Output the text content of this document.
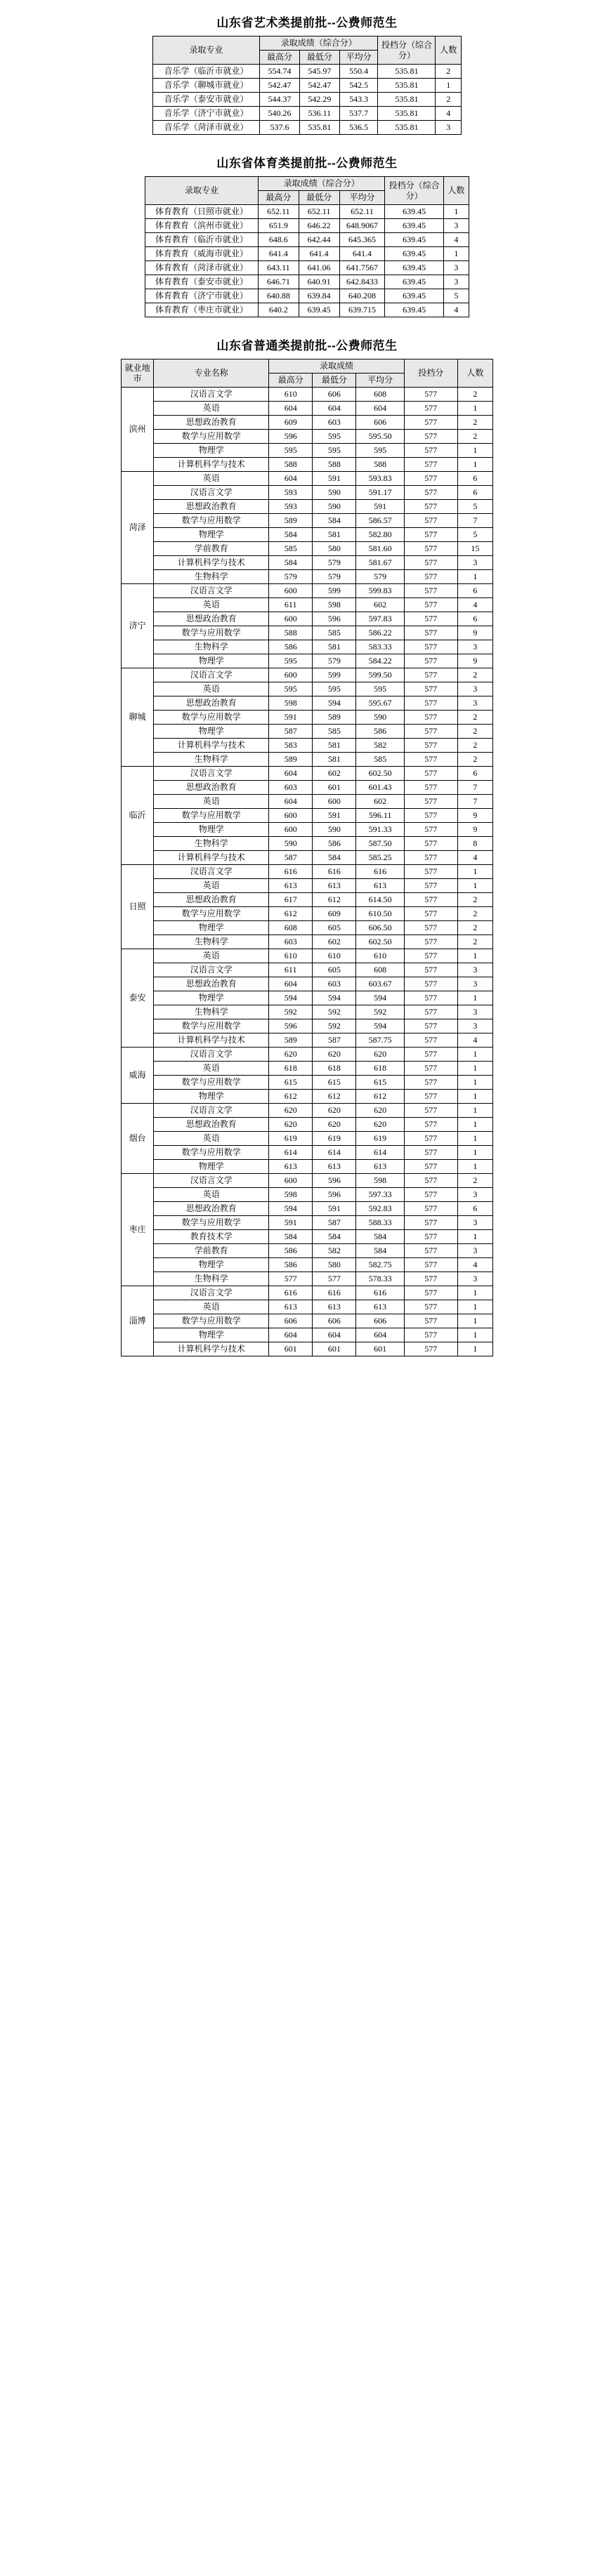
山东省艺术类提前批--公费师范生
录取专业	录取成绩（综合分）			投档分（综合分）	人数
	最高分	最低分	平均分		
音乐学（临沂市就业）	554.74	545.97	550.4	535.81	2
音乐学（聊城市就业）	542.47	542.47	542.5	535.81	1
音乐学（泰安市就业）	544.37	542.29	543.3	535.81	2
音乐学（济宁市就业）	540.26	536.11	537.7	535.81	4
音乐学（菏泽市就业）	537.6	535.81	536.5	535.81	3
山东省体育类提前批--公费师范生
录取专业	录取成绩（综合分）			投档分（综合分）	人数
	最高分	最低分	平均分		
体育教育（日照市就业）	652.11	652.11	652.11	639.45	1
体育教育（滨州市就业）	651.9	646.22	648.9067	639.45	3
体育教育（临沂市就业）	648.6	642.44	645.365	639.45	4
体育教育（威海市就业）	641.4	641.4	641.4	639.45	1
体育教育（菏泽市就业）	643.11	641.06	641.7567	639.45	3
体育教育（泰安市就业）	646.71	640.91	642.8433	639.45	3
体育教育（济宁市就业）	640.88	639.84	640.208	639.45	5
体育教育（枣庄市就业）	640.2	639.45	639.715	639.45	4
山东省普通类提前批--公费师范生
就业地市	专业名称	录取成绩			投档分	人数
		最高分	最低分	平均分		
滨州	汉语言文学	610	606	608	577	2
	英语	604	604	604	577	1
	思想政治教育	609	603	606	577	2
	数学与应用数学	596	595	595.50	577	2
	物理学	595	595	595	577	1
	计算机科学与技术	588	588	588	577	1
菏泽	英语	604	591	593.83	577	6
	汉语言文学	593	590	591.17	577	6
	思想政治教育	593	590	591	577	5
	数学与应用数学	589	584	586.57	577	7
	物理学	584	581	582.80	577	5
	学前教育	585	580	581.60	577	15
	计算机科学与技术	584	579	581.67	577	3
	生物科学	579	579	579	577	1
济宁	汉语言文学	600	599	599.83	577	6
	英语	611	598	602	577	4
	思想政治教育	600	596	597.83	577	6
	数学与应用数学	588	585	586.22	577	9
	生物科学	586	581	583.33	577	3
	物理学	595	579	584.22	577	9
聊城	汉语言文学	600	599	599.50	577	2
	英语	595	595	595	577	3
	思想政治教育	598	594	595.67	577	3
	数学与应用数学	591	589	590	577	2
	物理学	587	585	586	577	2
	计算机科学与技术	583	581	582	577	2
	生物科学	589	581	585	577	2
临沂	汉语言文学	604	602	602.50	577	6
	思想政治教育	603	601	601.43	577	7
	英语	604	600	602	577	7
	数学与应用数学	600	591	596.11	577	9
	物理学	600	590	591.33	577	9
	生物科学	590	586	587.50	577	8
	计算机科学与技术	587	584	585.25	577	4
日照	汉语言文学	616	616	616	577	1
	英语	613	613	613	577	1
	思想政治教育	617	612	614.50	577	2
	数学与应用数学	612	609	610.50	577	2
	物理学	608	605	606.50	577	2
	生物科学	603	602	602.50	577	2
泰安	英语	610	610	610	577	1
	汉语言文学	611	605	608	577	3
	思想政治教育	604	603	603.67	577	3
	物理学	594	594	594	577	1
	生物科学	592	592	592	577	3
	数学与应用数学	596	592	594	577	3
	计算机科学与技术	589	587	587.75	577	4
威海	汉语言文学	620	620	620	577	1
	英语	618	618	618	577	1
	数学与应用数学	615	615	615	577	1
	物理学	612	612	612	577	1
烟台	汉语言文学	620	620	620	577	1
	思想政治教育	620	620	620	577	1
	英语	619	619	619	577	1
	数学与应用数学	614	614	614	577	1
	物理学	613	613	613	577	1
枣庄	汉语言文学	600	596	598	577	2
	英语	598	596	597.33	577	3
	思想政治教育	594	591	592.83	577	6
	数学与应用数学	591	587	588.33	577	3
	教育技术学	584	584	584	577	1
	学前教育	586	582	584	577	3
	物理学	586	580	582.75	577	4
	生物科学	577	577	578.33	577	3
淄博	汉语言文学	616	616	616	577	1
	英语	613	613	613	577	1
	数学与应用数学	606	606	606	577	1
	物理学	604	604	604	577	1
	计算机科学与技术	601	601	601	577	1
